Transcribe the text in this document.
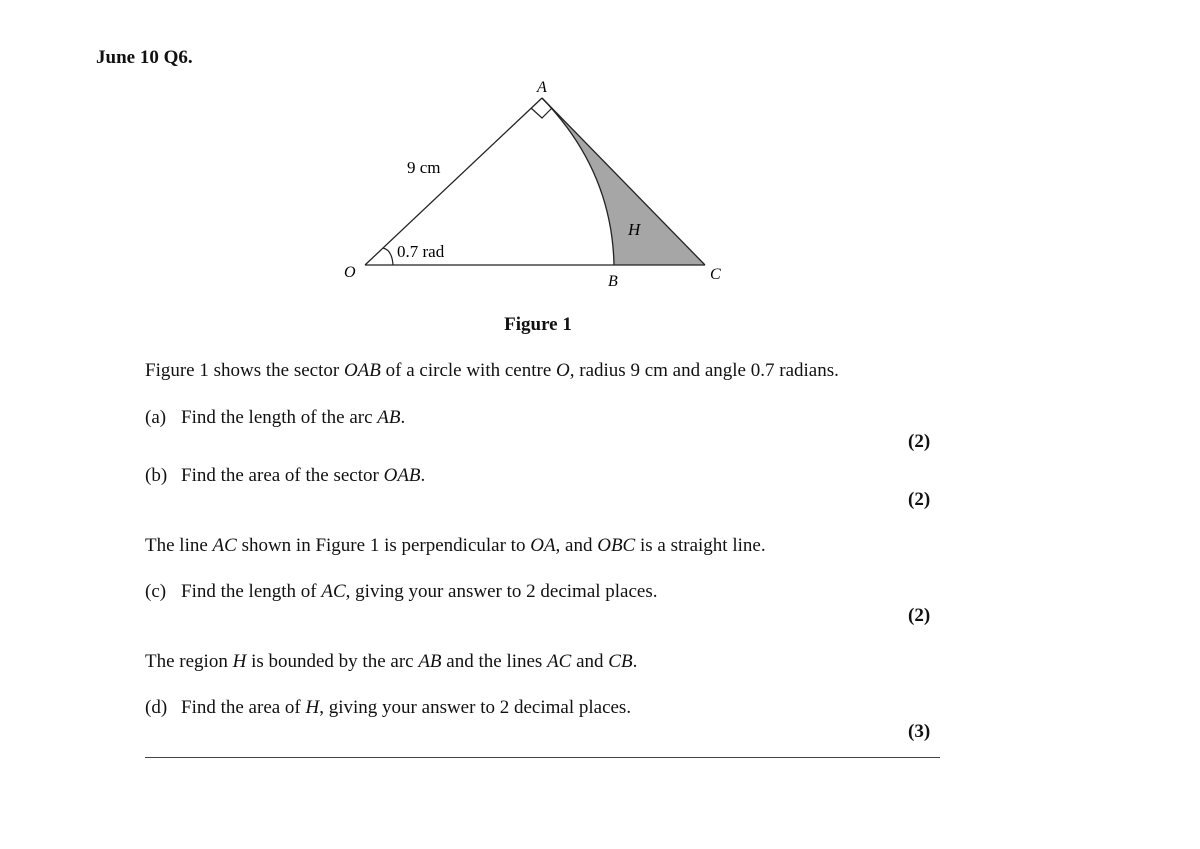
June 10 Q6.
A
O
B	C
H
9 cm
0.7 rad
Figure 1
Figure 1 shows the sector OAB of a circle with centre O, radius 9 cm and angle 0.7 radians.
(a) Find the length of the arc AB.
(2)
(b) Find the area of the sector OAB.
(2)
The line AC shown in Figure 1 is perpendicular to OA, and OBC is a straight line.
(c) Find the length of AC, giving your answer to 2 decimal places.
(2)
The region H is bounded by the arc AB and the lines AC and CB.
(d) Find the area of H, giving your answer to 2 decimal places.
(3)
